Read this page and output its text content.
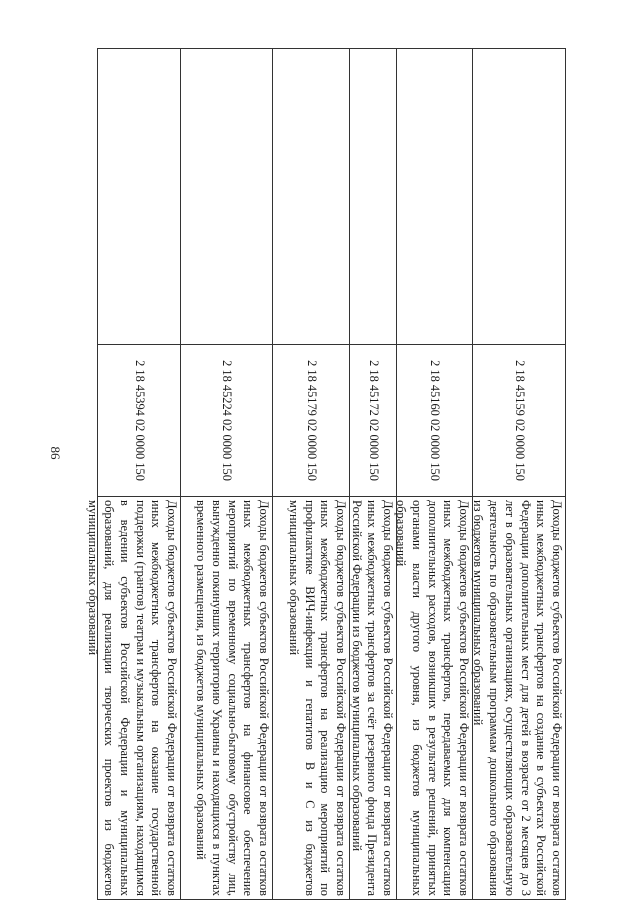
86	2 18 45159 02 0000 150
Доходы бюджетов субъектов Российской Федерации от возврата остатков иных межбюджетных трансфертов на создание в субъектах Российской Федерации дополнительных мест для детей в возрасте от 2 месяцев до 3 лет в образовательных организациях, осуществляющих образовательную деятельность по образовательным программам дошкольного образования из бюджетов муниципальных образований
2 18 45160 02 0000 150
Доходы бюджетов субъектов Российской Федерации от возврата остатков иных межбюджетных трансфертов, передаваемых для компенсации дополнительных расходов, возникших в результате решений, принятых органами власти другого уровня, из бюджетов муниципальных образований
2 18 45172 02 0000 150
Доходы бюджетов субъектов Российской Федерации от возврата остатков иных межбюджетных трансфертов за счёт резервного фонда Президента Российской Федерации из бюджетов муниципальных образований
2 18 45179 02 0000 150
Доходы бюджетов субъектов Российской Федерации от возврата остатков иных межбюджетных трансфертов на реализацию мероприятий по профилактике ВИЧ-инфекции и гепатитов В и С из бюджетов муниципальных образований
2 18 45224 02 0000 150
Доходы бюджетов субъектов Российской Федерации от возврата остатков иных межбюджетных трансфертов на финансовое обеспечение мероприятий по временному социально-бытовому обустройству лиц, вынужденно покинувших территорию Украины и находящихся в пунктах временного размещения, из бюджетов муниципальных образований
2 18 45394 02 0000 150
Доходы бюджетов субъектов Российской Федерации от возврата остатков иных межбюджетных трансфертов на оказание государственной поддержки (грантов) театрам и музыкальным организациям, находящимся в ведении субъектов Российской Федерации и муниципальных образований, для реализации творческих проектов из бюджетов муниципальных образований
